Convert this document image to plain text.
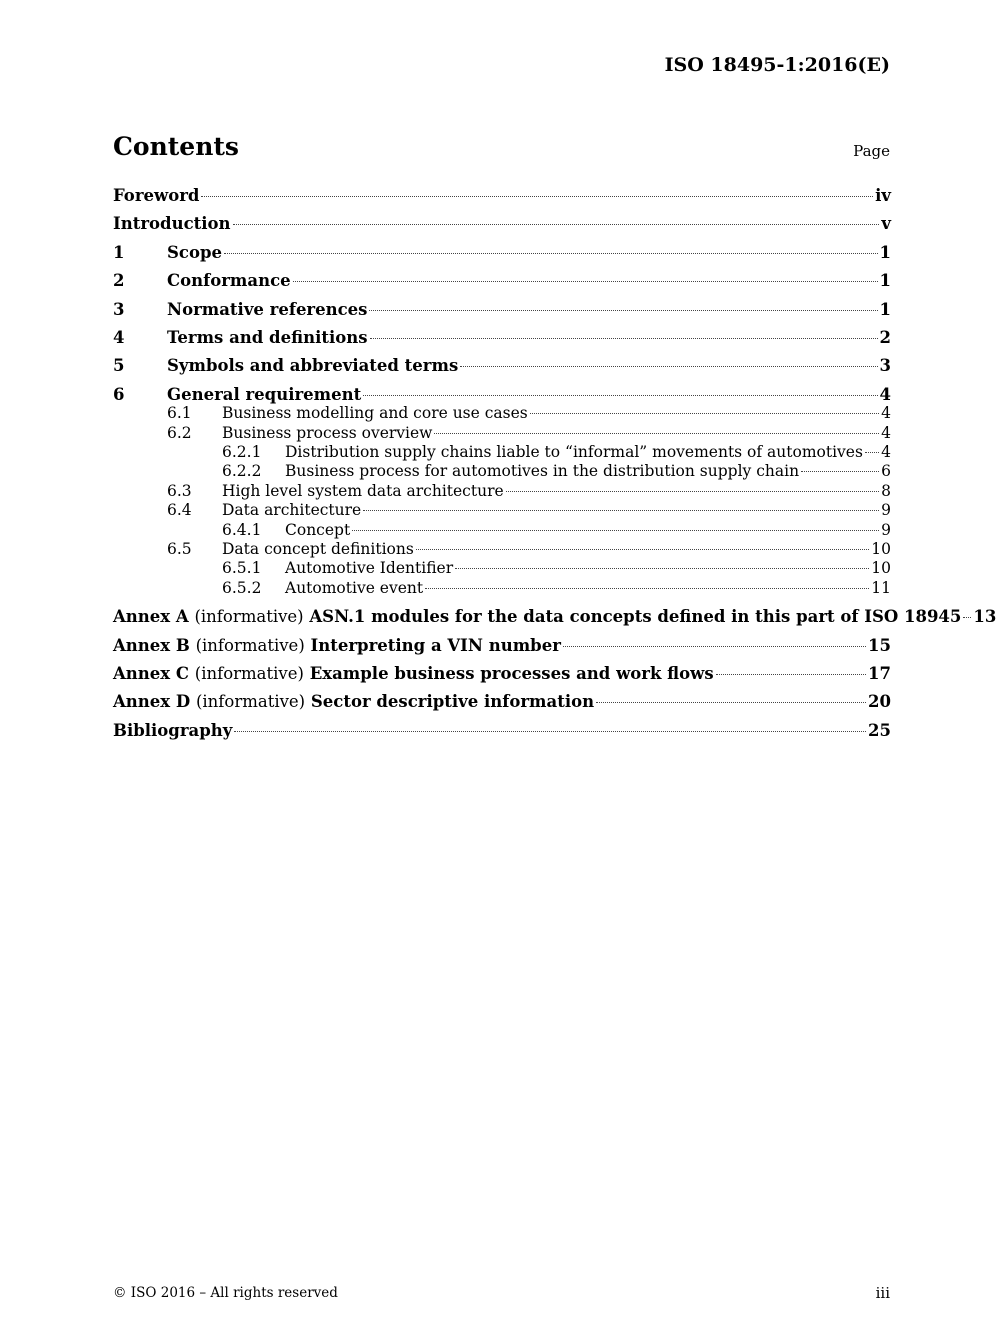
ISO 18495-1:2016(E)
Contents	Page
Foreword	iv
Introduction	v
1	Scope	1
2	Conformance	1
3	Normative references	1
4	Terms and definitions	2
5	Symbols and abbreviated terms	3
6	General requirement	4
6.1	Business modelling and core use cases	4
6.2	Business process overview	4
6.2.1	Distribution supply chains liable to “informal” movements of automotives 4
6.2.2	Business process for automotives in the distribution supply chain	6
6.3	High level system data architecture	8
6.4	Data architecture	9
6.4.1	Concept	9
6.5	Data concept definitions	10
6.5.1	Automotive Identifier	10
6.5.2	Automotive event	11
Annex A (informative) ASN.1 modules for the data concepts defined in this part of ISO 18945 13
Annex B (informative) Interpreting a VIN number	15
Annex C (informative) Example business processes and work flows	17
Annex D (informative) Sector descriptive information	20
Bibliography	25
© ISO 2016 – All rights reserved	iii
